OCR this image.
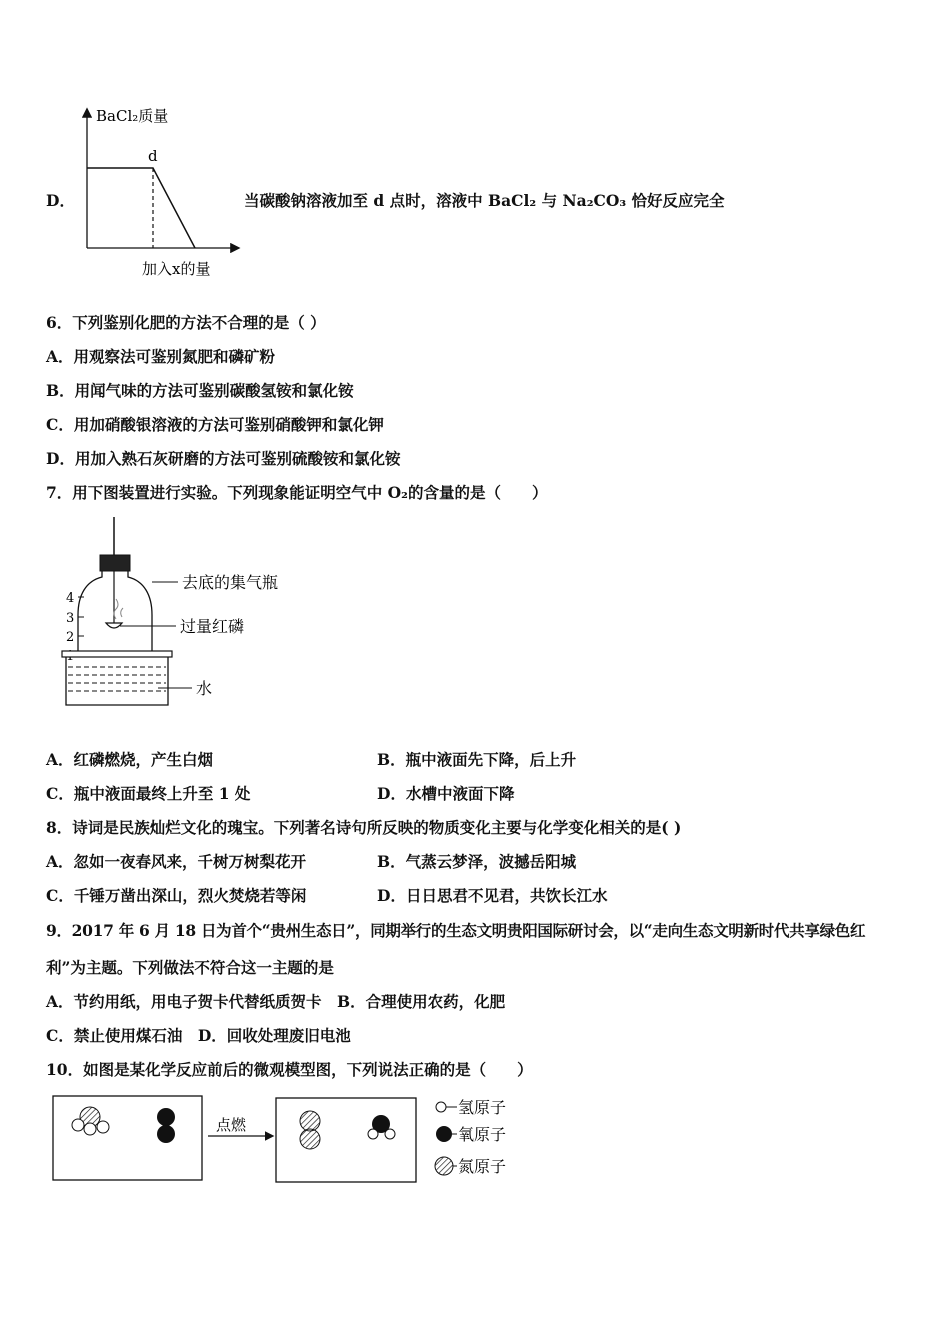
D．
BaCl₂质量
d
加入x的量
当碳酸钠溶液加至 d 点时，溶液中 BaCl₂ 与 Na₂CO₃ 恰好反应完全
6．下列鉴别化肥的方法不合理的是（ ）
A．用观察法可鉴别氮肥和磷矿粉
B．用闻气味的方法可鉴别碳酸氢铵和氯化铵
C．用加硝酸银溶液的方法可鉴别硝酸钾和氯化钾
D．用加入熟石灰研磨的方法可鉴别硫酸铵和氯化铵
7．用下图装置进行实验。下列现象能证明空气中 O₂的含量的是（　　）
4
3
2
去底的集气瓶
过量红磷
水
A．红磷燃烧，产生白烟	B．瓶中液面先下降，后上升
C．瓶中液面最终上升至 1 处	D．水槽中液面下降
8．诗词是民族灿烂文化的瑰宝。下列著名诗句所反映的物质变化主要与化学变化相关的是( )
A．忽如一夜春风来，千树万树梨花开	B．气蒸云梦泽，波撼岳阳城
C．千锤万凿出深山，烈火焚烧若等闲	D．日日思君不见君，共饮长江水
9．2017 年 6 月 18 日为首个“贵州生态日”，同期举行的生态文明贵阳国际研讨会，以“走向生态文明新时代共享绿色红
利”为主题。下列做法不符合这一主题的是
A．节约用纸，用电子贺卡代替纸质贺卡　B．合理使用农药，化肥
C．禁止使用煤石油　D．回收处理废旧电池
10．如图是某化学反应前后的微观模型图，下列说法正确的是（　　）
点燃
氢原子
氧原子
氮原子
